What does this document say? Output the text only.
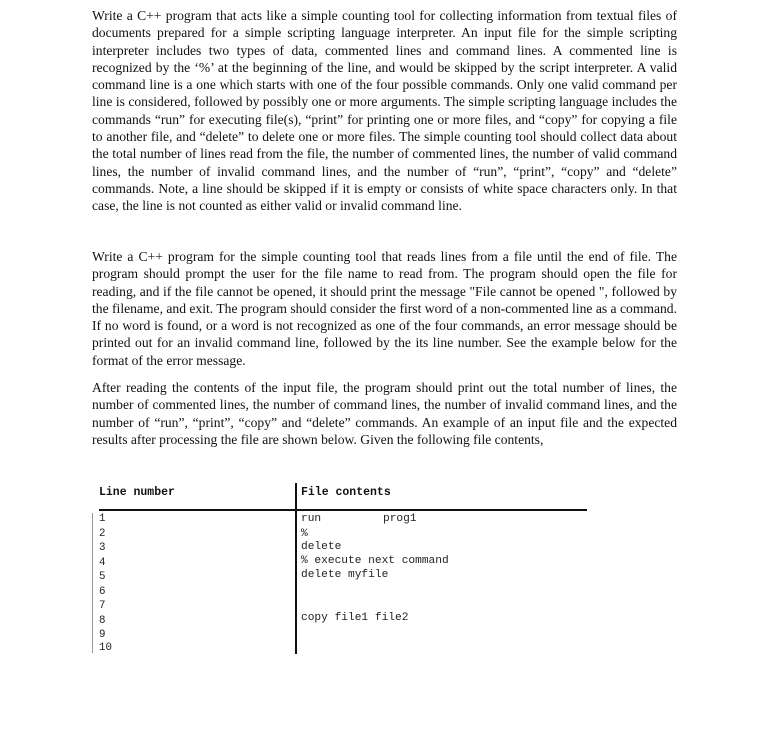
Write a C++ program that acts like a simple counting tool for collecting information from textual files of documents prepared for a simple scripting language interpreter. An input file for the simple scripting interpreter includes two types of data, commented lines and command lines. A commented line is recognized by the ‘%’ at the beginning of the line, and would be skipped by the script interpreter. A valid command line is a one which starts with one of the four possible commands. Only one valid command per line is considered, followed by possibly one or more arguments. The simple scripting language includes the commands “run” for executing file(s), “print” for printing one or more files, and “copy” for copying a file to another file, and “delete” to delete one or more files. The simple counting tool should collect data about the total number of lines read from the file, the number of commented lines, the number of valid command lines, the number of invalid command lines, and the number of “run”, “print”, “copy” and “delete” commands. Note, a line should be skipped if it is empty or consists of white space characters only. In that case, the line is not counted as either valid or invalid command line.

Write a C++ program for the simple counting tool that reads lines from a file until the end of file. The program should prompt the user for the file name to read from. The program should open the file for reading, and if the file cannot be opened, it should print the message "File cannot be opened ", followed by the filename, and exit. The program should consider the first word of a non-commented line as a command. If no word is found, or a word is not recognized as one of the four commands, an error message should be printed out for an invalid command line, followed by the its line number. See the example below for the format of the error message.

After reading the contents of the input file, the program should print out the total number of lines, the number of commented lines, the number of command lines, the number of invalid command lines, and the number of “run”, “print”, “copy” and “delete” commands. An example of an input file and the expected results after processing the file are shown below. Given the following file contents,

Line number	File contents
1
2
3
4
5
6
7
8
9
10
run	prog1
%
delete
% execute next command
delete myfile
copy file1 file2
